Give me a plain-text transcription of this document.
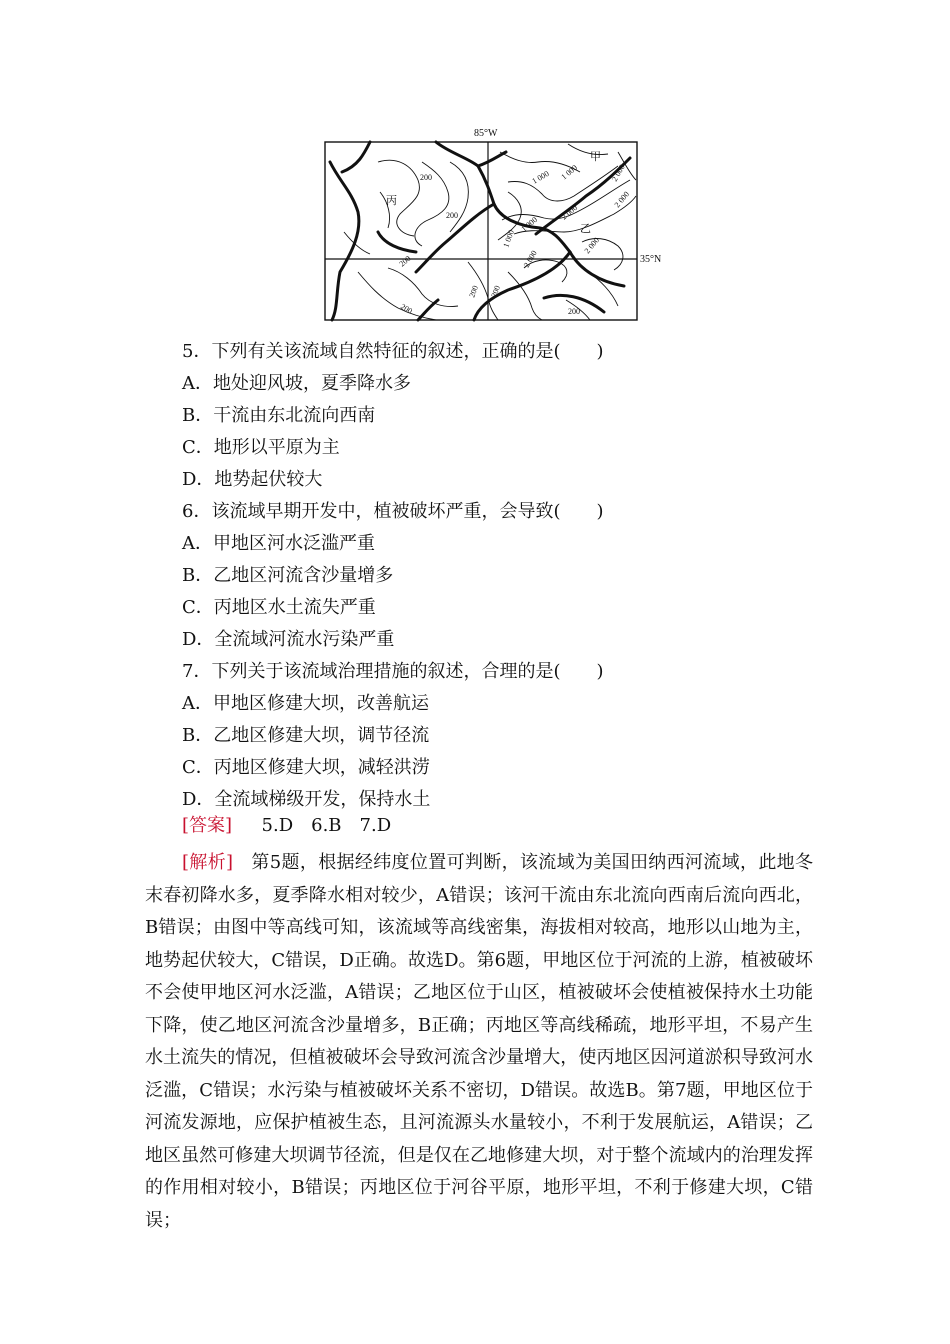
85°W
35°N
甲
乙
丙
200
200
200
200
200 200
200
1 000
1 000
1 000
1 000	2 000
2 000
2 000
2 000
2 000
5．下列有关该流域自然特征的叙述，正确的是(　　)
A．地处迎风坡，夏季降水多
B．干流由东北流向西南
C．地形以平原为主
D．地势起伏较大
6．该流域早期开发中，植被破坏严重，会导致(　　)
A．甲地区河水泛滥严重
B．乙地区河流含沙量增多
C．丙地区水土流失严重
D．全流域河流水污染严重
7．下列关于该流域治理措施的叙述，合理的是(　　)
A．甲地区修建大坝，改善航运
B．乙地区修建大坝，调节径流
C．丙地区修建大坝，减轻洪涝
D．全流域梯级开发，保持水土
[答案]   5.D　6.B　7.D
[解析]  第5题，根据经纬度位置可判断，该流域为美国田纳西河流域，此地冬末春初降水多，夏季降水相对较少，A错误；该河干流由东北流向西南后流向西北，B错误；由图中等高线可知，该流域等高线密集，海拔相对较高，地形以山地为主，地势起伏较大，C错误，D正确。故选D。第6题，甲地区位于河流的上游，植被破坏不会使甲地区河水泛滥，A错误；乙地区位于山区，植被破坏会使植被保持水土功能下降，使乙地区河流含沙量增多，B正确；丙地区等高线稀疏，地形平坦，不易产生水土流失的情况，但植被破坏会导致河流含沙量增大，使丙地区因河道淤积导致河水泛滥，C错误；水污染与植被破坏关系不密切，D错误。故选B。第7题，甲地区位于河流发源地，应保护植被生态，且河流源头水量较小，不利于发展航运，A错误；乙地区虽然可修建大坝调节径流，但是仅在乙地修建大坝，对于整个流域内的治理发挥的作用相对较小，B错误；丙地区位于河谷平原，地形平坦，不利于修建大坝，C错误；
